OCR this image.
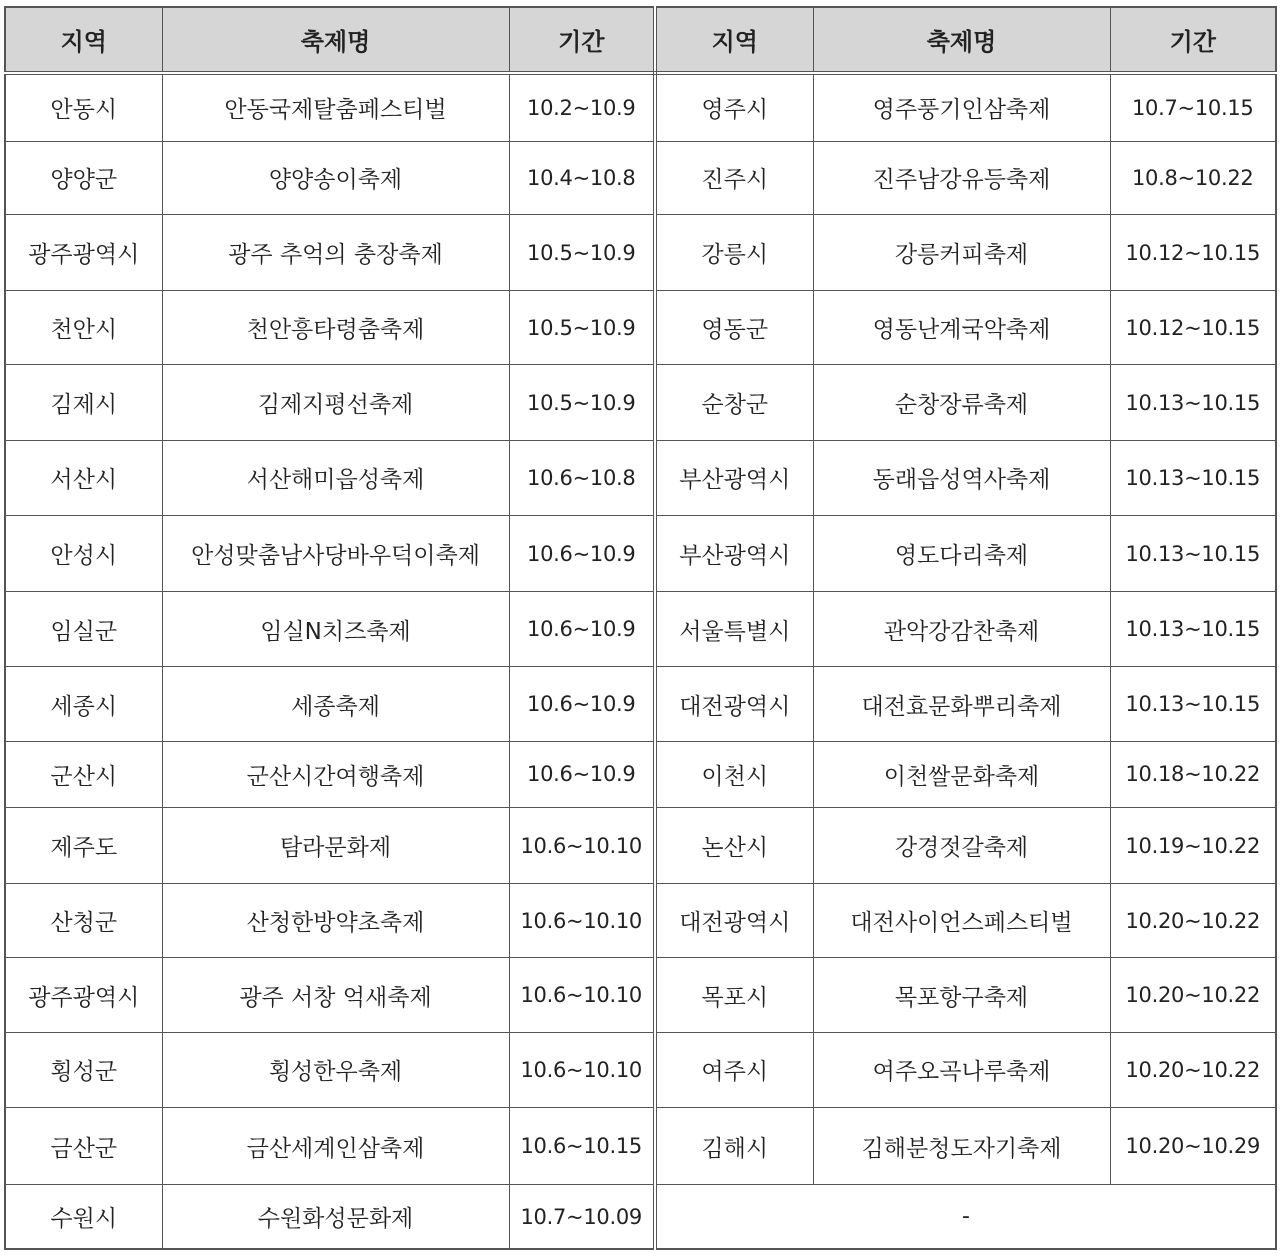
지역	축제명	기간	지역	축제명	기간
안동시	안동국제탈춤페스티벌	10.2~10.9	영주시	영주풍기인삼축제	10.7~10.15
양양군	양양송이축제	10.4~10.8	진주시	진주남강유등축제	10.8~10.22
광주광역시	광주 추억의 충장축제	10.5~10.9	강릉시	강릉커피축제	10.12~10.15
천안시	천안흥타령춤축제	10.5~10.9	영동군	영동난계국악축제	10.12~10.15
김제시	김제지평선축제	10.5~10.9	순창군	순창장류축제	10.13~10.15
서산시	서산해미읍성축제	10.6~10.8	부산광역시	동래읍성역사축제	10.13~10.15
안성시	안성맞춤남사당바우덕이축제	10.6~10.9	부산광역시	영도다리축제	10.13~10.15
임실군	임실N치즈축제	10.6~10.9	서울특별시	관악강감찬축제	10.13~10.15
세종시	세종축제	10.6~10.9	대전광역시	대전효문화뿌리축제	10.13~10.15
군산시	군산시간여행축제	10.6~10.9	이천시	이천쌀문화축제	10.18~10.22
제주도	탐라문화제	10.6~10.10	논산시	강경젓갈축제	10.19~10.22
산청군	산청한방약초축제	10.6~10.10	대전광역시	대전사이언스페스티벌	10.20~10.22
광주광역시	광주 서창 억새축제	10.6~10.10	목포시	목포항구축제	10.20~10.22
횡성군	횡성한우축제	10.6~10.10	여주시	여주오곡나루축제	10.20~10.22
금산군	금산세계인삼축제	10.6~10.15	김해시	김해분청도자기축제	10.20~10.29
수원시	수원화성문화제	10.7~10.09	-		
